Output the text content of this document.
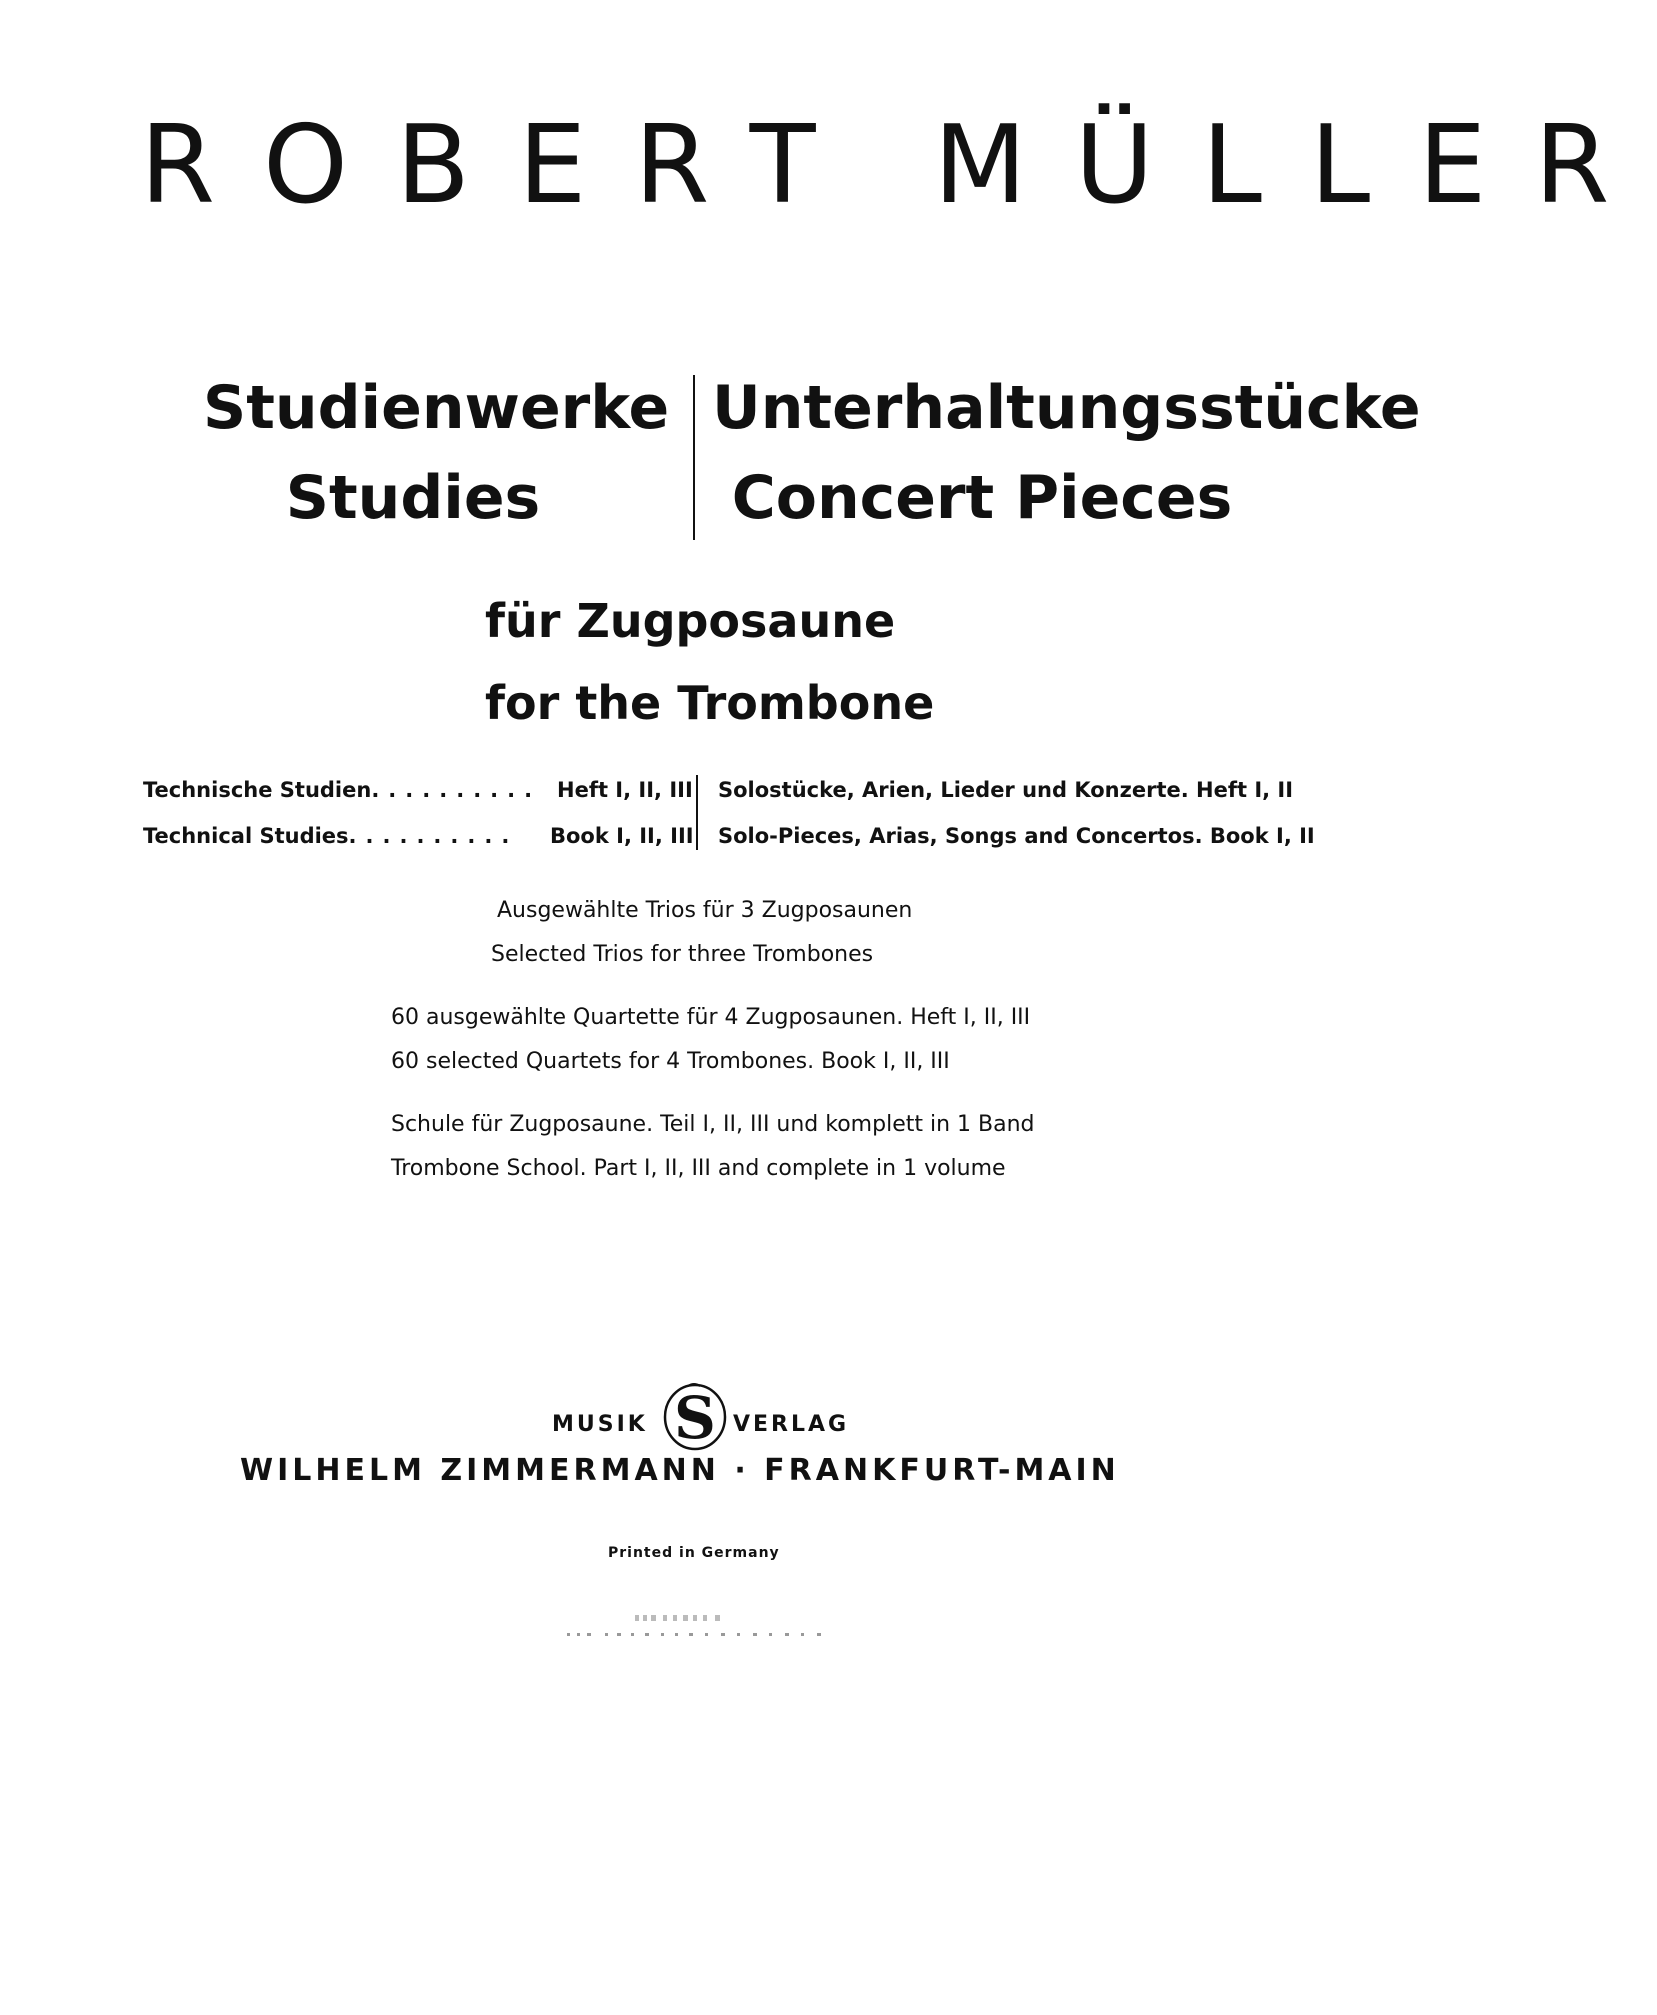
ROBERT MÜLLER
Studienwerke
Studies
Unterhaltungsstücke
Concert Pieces
für Zugposaune
for the Trombone
Technische Studien.......... Heft I, II, III
Technical Studies.......... Book I, II, III
Solostücke, Arien, Lieder und Konzerte. Heft I, II
Solo-Pieces, Arias, Songs and Concertos. Book I, II
Ausgewählte Trios für 3 Zugposaunen
Selected Trios for three Trombones
60 ausgewählte Quartette für 4 Zugposaunen. Heft I, II, III
60 selected Quartets for 4 Trombones. Book I, II, III
Schule für Zugposaune. Teil I, II, III und komplett in 1 Band
Trombone School. Part I, II, III and complete in 1 volume
MUSIK S VERLAG
WILHELM ZIMMERMANN · FRANKFURT-MAIN
Printed in Germany
